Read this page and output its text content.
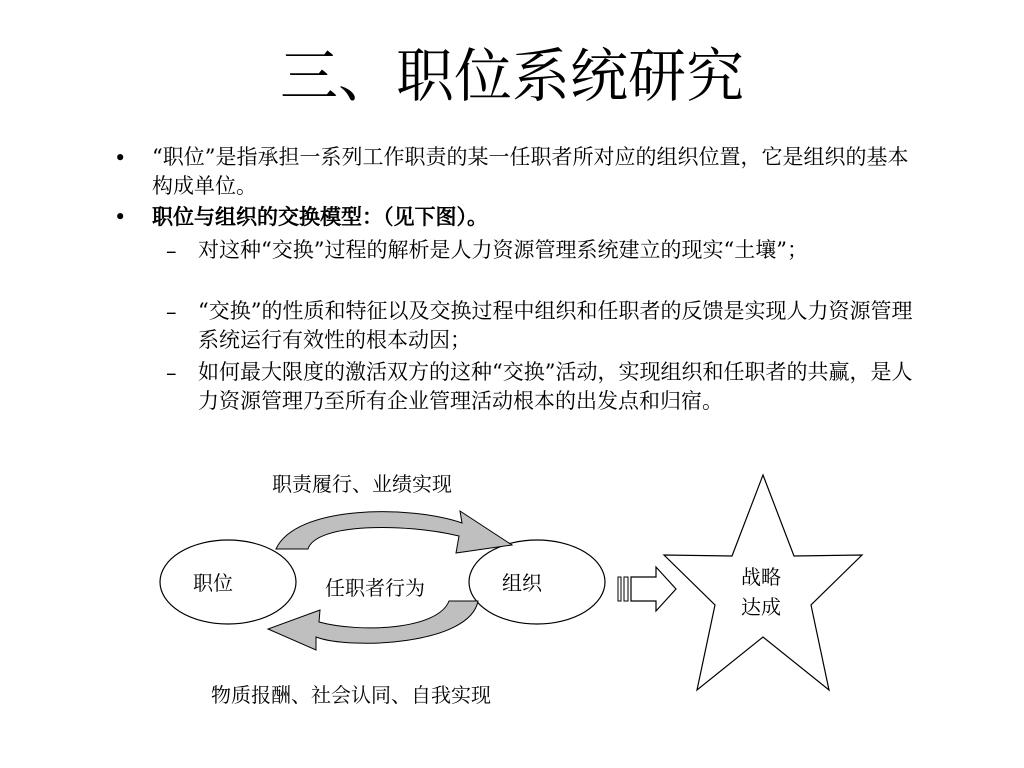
三、职位系统研究
• “职位”是指承担一系列工作职责的某一任职者所对应的组织位置，它是组织的基本构成单位。
• 职位与组织的交换模型：（见下图）。
– 对这种“交换”过程的解析是人力资源管理系统建立的现实“土壤”；
– “交换”的性质和特征以及交换过程中组织和任职者的反馈是实现人力资源管理系统运行有效性的根本动因；
– 如何最大限度的激活双方的这种“交换”活动，实现组织和任职者的共赢，是人力资源管理乃至所有企业管理活动根本的出发点和归宿。
职责履行、业绩实现
物质报酬、社会认同、自我实现
职位	任职者行为	组织	战略
达成
